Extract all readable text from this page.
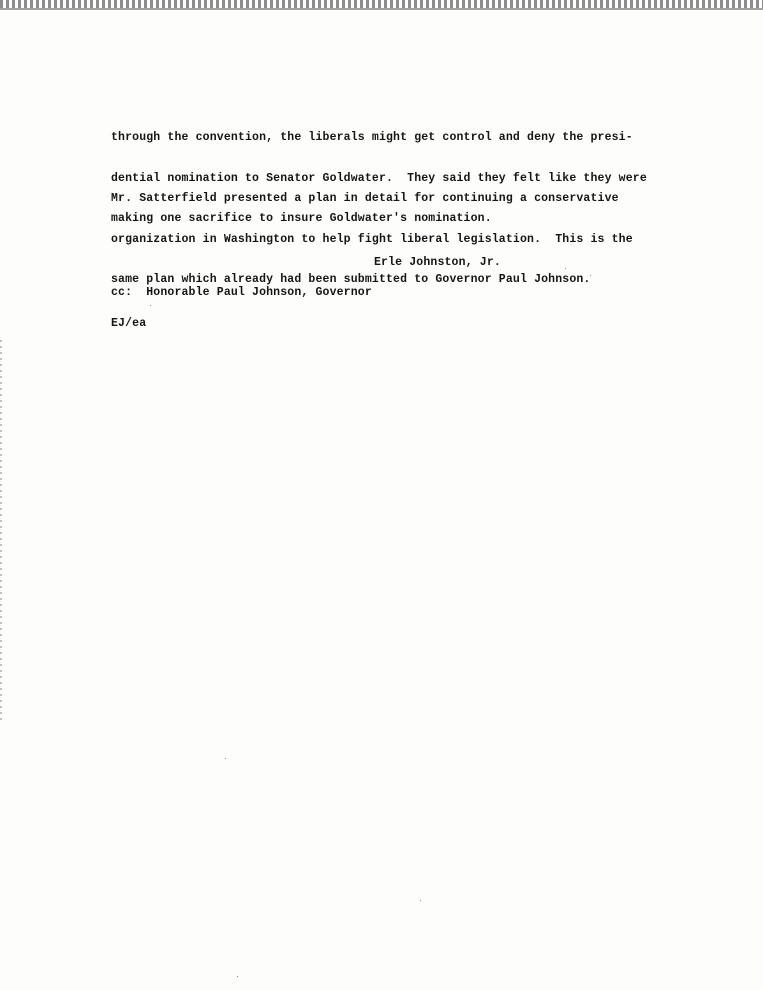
through the convention, the liberals might get control and deny the presi-

dential nomination to Senator Goldwater.  They said they felt like they were

making one sacrifice to insure Goldwater's nomination.

Mr. Satterfield presented a plan in detail for continuing a conservative

organization in Washington to help fight liberal legislation.  This is the

same plan which already had been submitted to Governor Paul Johnson.

Erle Johnston, Jr.
cc:  Honorable Paul Johnson, Governor
EJ/ea
